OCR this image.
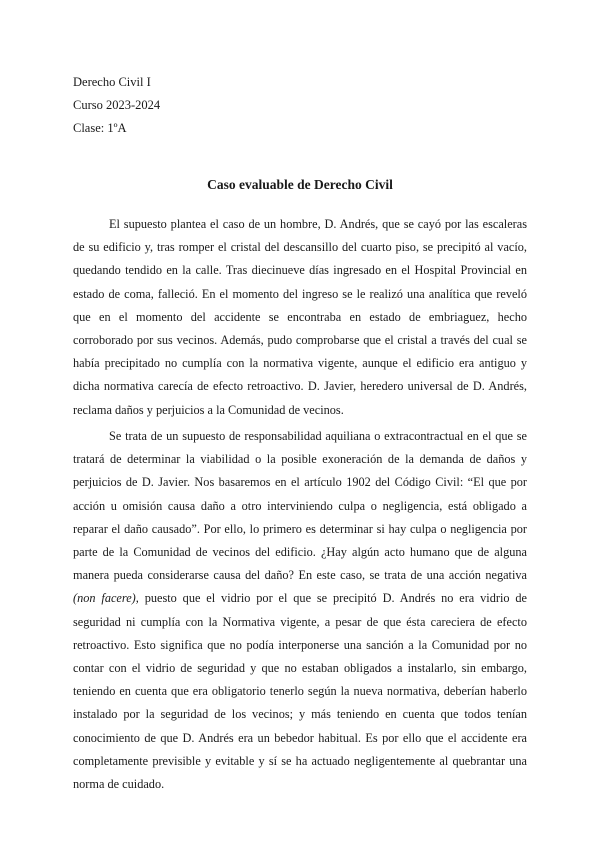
Derecho Civil I
Curso 2023-2024
Clase: 1ºA
Caso evaluable de Derecho Civil

El supuesto plantea el caso de un hombre, D. Andrés, que se cayó por las escaleras de su edificio y, tras romper el cristal del descansillo del cuarto piso, se precipitó al vacío, quedando tendido en la calle. Tras diecinueve días ingresado en el Hospital Provincial en estado de coma, falleció. En el momento del ingreso se le realizó una analítica que reveló que en el momento del accidente se encontraba en estado de embriaguez, hecho corroborado por sus vecinos. Además, pudo comprobarse que el cristal a través del cual se había precipitado no cumplía con la normativa vigente, aunque el edificio era antiguo y dicha normativa carecía de efecto retroactivo. D. Javier, heredero universal de D. Andrés, reclama daños y perjuicios a la Comunidad de vecinos.

Se trata de un supuesto de responsabilidad aquiliana o extracontractual en el que se tratará de determinar la viabilidad o la posible exoneración de la demanda de daños y perjuicios de D. Javier. Nos basaremos en el artículo 1902 del Código Civil: “El que por acción u omisión causa daño a otro interviniendo culpa o negligencia, está obligado a reparar el daño causado”. Por ello, lo primero es determinar si hay culpa o negligencia por parte de la Comunidad de vecinos del edificio. ¿Hay algún acto humano que de alguna manera pueda considerarse causa del daño? En este caso, se trata de una acción negativa (non facere), puesto que el vidrio por el que se precipitó D. Andrés no era vidrio de seguridad ni cumplía con la Normativa vigente, a pesar de que ésta careciera de efecto retroactivo. Esto significa que no podía interponerse una sanción a la Comunidad por no contar con el vidrio de seguridad y que no estaban obligados a instalarlo, sin embargo, teniendo en cuenta que era obligatorio tenerlo según la nueva normativa, deberían haberlo instalado por la seguridad de los vecinos; y más teniendo en cuenta que todos tenían conocimiento de que D. Andrés era un bebedor habitual. Es por ello que el accidente era completamente previsible y evitable y sí se ha actuado negligentemente al quebrantar una norma de cuidado.
